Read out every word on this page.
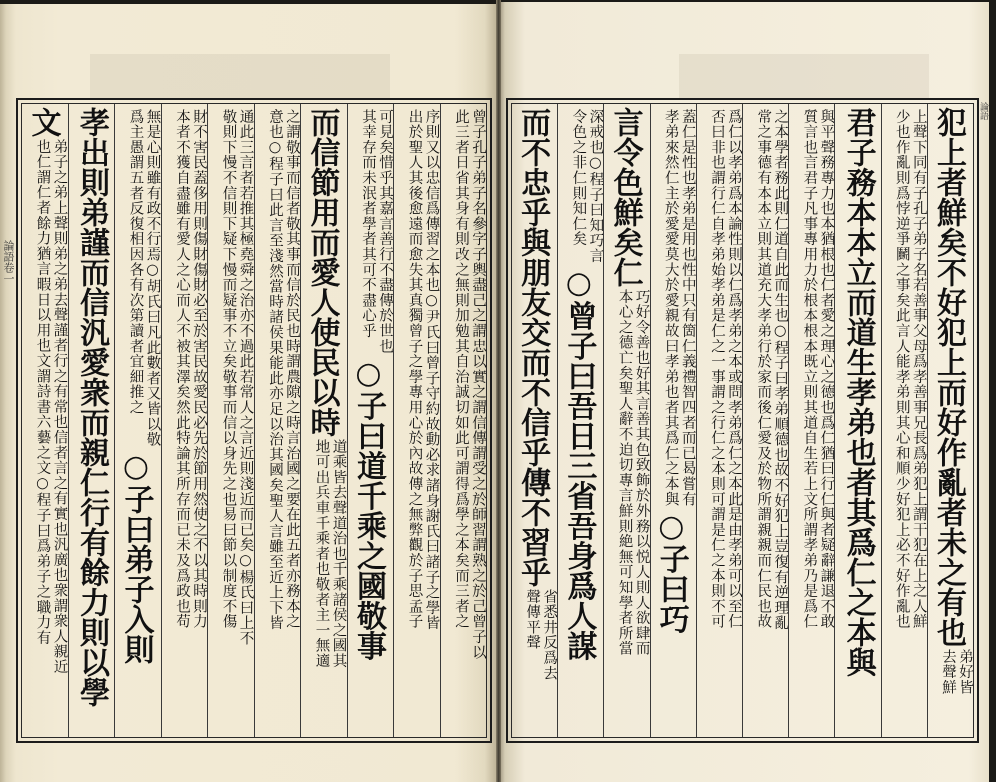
論語卷一	曾子孔子弟子名參字子輿盡己之謂忠以實之謂信傳謂受之於師習謂熟之於己曾子以
此三者日省其身有則改之無則加勉其自治誠切如此可謂得爲學之本矣而三者之
序則又以忠信爲傳習之本也○尹氏曰曾子守約故動必求諸身謝氏曰諸子之學皆
出於聖人其後愈遠而愈失其真獨曾子之學專用心於內故傳之無弊觀於子思孟子
可見矣惜乎其嘉言善行不盡傳於世也
其幸存而未泯者學者其可不盡心乎○子曰道千乘之國敬事
而信節用而愛人使民以時道乘皆去聲道治也千乘諸侯之國其
地可出兵車千乘者也敬者主一無適
之謂敬事而信者敬其事而信於民也時謂農隙之時言治國之要在此五者亦務本之
意也○程子曰此言至淺然當時諸侯果能此亦足以治其國矣聖人言雖至近上下皆
通此三言者若推其極堯舜之治亦不過此若常人之言近則淺近而已矣○楊氏曰上不
敬則下慢不信則下疑下慢而疑事不立矣敬事而信以身先之也易曰節以制度不傷
財不害民蓋侈用則傷財傷財必至於害民故愛民必先於節用然使之不以其時則力
本者不獲自盡雖有愛人之心而人不被其澤矣然此特論其所存而已未及爲政也苟
無是心則雖有政不行焉○胡氏曰凡此數者又皆以敬
爲主愚謂五者反復相因各有次第讀者宜細推之○子曰弟子入則
孝出則弟謹而信汎愛衆而親仁行有餘力則以學
文弟子之弟上聲則弟之弟去聲謹者行之有常也信者言之有實也汎廣也衆謂衆人親近
也仁謂仁者餘力猶言暇日以用也文謂詩書六藝之文○程子曰爲弟子之職力有
論語
犯上者鮮矣不好犯上而好作亂者未之有也弟好皆
去聲鮮
上聲下同有子孔子弟子名若善事父母爲孝善事兄長爲弟犯上謂干犯在上之人鮮
少也作亂則爲悖逆爭鬭之事矣此言人能孝弟則其心和順少好犯上必不好作亂也
君子務本本立而道生孝弟也者其爲仁之本與
與平聲務專力也本猶根也仁者愛之理心之德也爲仁猶曰行仁與者疑辭謙退不敢
質言也言君子凡事專用力於根本根本既立則其道自生若上文所謂孝弟乃是爲仁
之本學者務此則仁道自此而生也○程子曰孝弟順德也故不好犯上豈復有逆理亂
常之事德有本本立則其道充大孝弟行於家而後仁愛及於物所謂親親而仁民也故
爲仁以孝弟爲本論性則以仁爲孝弟之本或問孝弟爲仁之本此是由孝弟可以至仁
否曰非也謂行仁自孝弟始孝弟是仁之一事謂之行仁之本則可謂是仁之本則不可
蓋仁是性也孝弟是用也性中只有箇仁義禮智四者而已曷嘗有
孝弟來然仁主於愛愛莫大於愛親故曰孝弟也者其爲仁之本與○子曰巧
言令色鮮矣仁巧好令善也好其言善其色致飾於外務以悦人則人欲肆而
本心之德亡矣聖人辭不迫切專言鮮則絶無可知學者所當
深戒也○程子曰知巧言
令色之非仁則知仁矣○曾子曰吾日三省吾身爲人謀
而不忠乎與朋友交而不信乎傳不習乎省悉井反爲去
聲傳平聲
